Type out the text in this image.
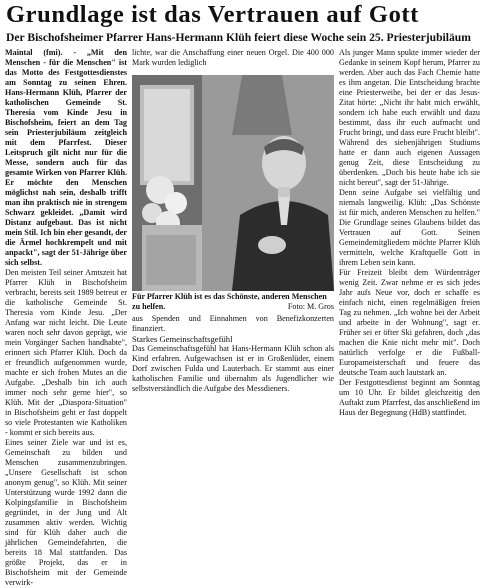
Grundlage ist das Vertrauen auf Gott
Der Bischofsheimer Pfarrer Hans-Hermann Klüh feiert diese Woche sein 25. Priesterjubiläum

Maintal (fmi). - „Mit den Menschen - für die Menschen" ist das Motto des Festgottesdienstes am Sonntag zu seinen Ehren. Hans-Hermann Klüh, Pfarrer der katholischen Gemeinde St. Theresia vom Kinde Jesu in Bischofsheim, feiert an dem Tag sein Priesterjubiläum zeitgleich mit dem Pfarrfest. Dieser Leitspruch gilt nicht nur für die Messe, sondern auch für das gesamte Wirken von Pfarrer Klüh. Er möchte den Menschen möglichst nah sein, deshalb trifft man ihn praktisch nie in strengem Schwarz gekleidet. „Damit wird Distanz aufgebaut. Das ist nicht mein Stil. Ich bin eher gesandt, der die Ärmel hochkrempelt und mit anpackt", sagt der 51-Jährige über sich selbst.

Den meisten Teil seiner Amtszeit hat Pfarrer Klüh in Bischofsheim verbracht, bereits seit 1989 betreut er die katholische Gemeinde St. Theresia vom Kinde Jesu. „Der Anfang war nicht leicht. Die Leute waren noch sehr davon geprägt, wie mein Vorgänger Sachen handhabte", erinnert sich Pfarrer Klüh. Doch da er freundlich aufgenommen wurde, machte er sich frohen Mutes an die Aufgabe. „Deshalb bin ich auch immer noch sehr gerne hier", so Klüh. Mit der „Diaspora-Situation" in Bischofsheim geht er fast doppelt so viele Protestanten wie Katholiken - kommt er sich bereits aus.

Eines seiner Ziele war und ist es, Gemeinschaft zu bilden und Menschen zusammenzubringen. „Unsere Gesellschaft ist schon anonym genug", so Klüh. Mit seiner Unterstützung wurde 1992 dann die Kolpingsfamilie in Bischofsheim gegründet, in der Jung und Alt zusammen aktiv werden. Wichtig sind für Klüh daher auch die jährlichen Gemeindefahrten, die bereits 18 Mal stattfanden. Das größte Projekt, das er in Bischofsheim mit der Gemeinde verwirk-

lichte, war die Anschaffung einer neuen Orgel. Die 400 000 Mark wurden lediglich

Für Pfarrer Klüh ist es das Schönste, anderen Menschen zu helfen.	Foto: M. Gros

aus Spenden und Einnahmen von Benefizkonzerten finanziert.

Starkes Gemeinschaftsgefühl

Das Gemeinschaftsgefühl hat Hans-Hermann Klüh schon als Kind erfahren. Aufgewachsen ist er in Großenlüder, einem Dorf zwischen Fulda und Lauterbach. Er stammt aus einer katholischen Familie und übernahm als Jugendlicher wie selbstverständlich die Aufgabe des Messdieners.

Als junger Mann spukte immer wieder der Gedanke in seinem Kopf herum, Pfarrer zu werden. Aber auch das Fach Chemie hatte es ihm angetan. Die Entscheidung brachte eine Priesterweihe, bei der er das Jesus-Zitat hörte: „Nicht ihr habt mich erwählt, sondern ich habe euch erwählt und dazu bestimmt, dass ihr euch aufmacht und Frucht bringt, und dass eure Frucht bleibt". Während des siebenjährigen Studiums hatte er dann auch eigenen Aussagen genug Zeit, diese Entscheidung zu überdenken. „Doch bis heute habe ich sie nicht bereut", sagt der 51-Jährige.

Denn seine Aufgabe sei vielfältig und niemals langweilig. Klüh: „Das Schönste ist für mich, anderen Menschen zu helfen." Die Grundlage seines Glaubens bildet das Vertrauen auf Gott. Seinen Gemeindemitgliedern möchte Pfarrer Klüh vermitteln, welche Kraftquelle Gott in ihrem Leben sein kann.

Für Freizeit bleibt dem Würdenträger wenig Zeit. Zwar nehme er es sich jedes Jahr aufs Neue vor, doch er schaffe es einfach nicht, einen regelmäßigen freien Tag zu nehmen. „Ich wohne bei der Arbeit und arbeite in der Wohnung", sagt er. Früher sei er öfter Ski gefahren, doch „das machen die Knie nicht mehr mit". Doch natürlich verfolge er die Fußball-Europameisterschaft und feuere das deutsche Team auch lautstark an.

Der Festgottesdienst beginnt am Sonntag um 10 Uhr. Er bildet gleichzeitig den Auftakt zum Pfarrfest, das anschließend im Haus der Begegnung (HdB) stattfindet.
